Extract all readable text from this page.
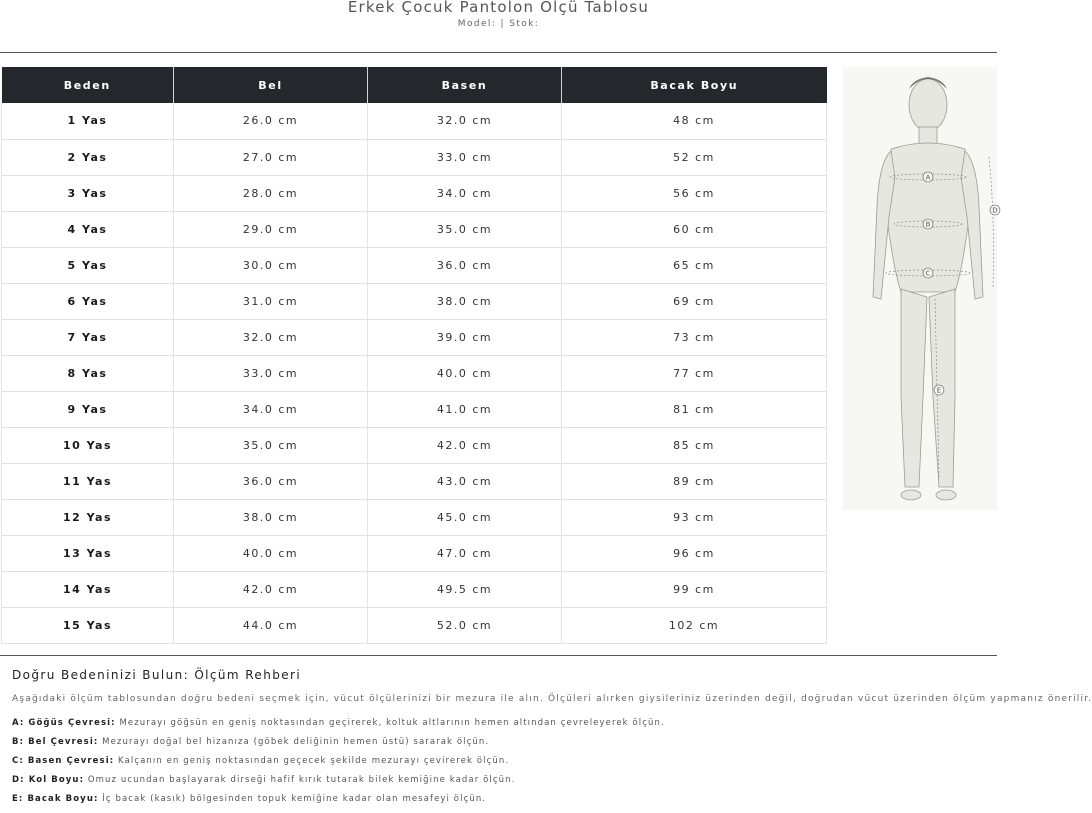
Erkek Çocuk Pantolon Olçü Tablosu
Model: | Stok:
Beden	Bel	Basen	Bacak Boyu
1 Yas	26.0 cm	32.0 cm	48 cm
2 Yas	27.0 cm	33.0 cm	52 cm
3 Yas	28.0 cm	34.0 cm	56 cm
4 Yas	29.0 cm	35.0 cm	60 cm
5 Yas	30.0 cm	36.0 cm	65 cm
6 Yas	31.0 cm	38.0 cm	69 cm
7 Yas	32.0 cm	39.0 cm	73 cm
8 Yas	33.0 cm	40.0 cm	77 cm
9 Yas	34.0 cm	41.0 cm	81 cm
10 Yas	35.0 cm	42.0 cm	85 cm
11 Yas	36.0 cm	43.0 cm	89 cm
12 Yas	38.0 cm	45.0 cm	93 cm
13 Yas	40.0 cm	47.0 cm	96 cm
14 Yas	42.0 cm	49.5 cm	99 cm
15 Yas	44.0 cm	52.0 cm	102 cm
A
B
C
D
E
Doğru Bedeninizi Bulun: Ölçüm Rehberi
Aşağıdaki ölçüm tablosundan doğru bedeni seçmek için, vücut ölçülerinizi bir mezura ile alın. Ölçüleri alırken giysileriniz üzerinden değil, doğrudan vücut üzerinden ölçüm yapmanız önerilir.
A: Göğüs Çevresi: Mezurayı göğsün en geniş noktasından geçirerek, koltuk altlarının hemen altından çevreleyerek ölçün.
B: Bel Çevresi: Mezurayı doğal bel hizanıza (göbek deliğinin hemen üstü) sararak ölçün.
C: Basen Çevresi: Kalçanın en geniş noktasından geçecek şekilde mezurayı çevirerek ölçün.
D: Kol Boyu: Omuz ucundan başlayarak dirseği hafif kırık tutarak bilek kemiğine kadar ölçün.
E: Bacak Boyu: İç bacak (kasık) bölgesinden topuk kemiğine kadar olan mesafeyi ölçün.
